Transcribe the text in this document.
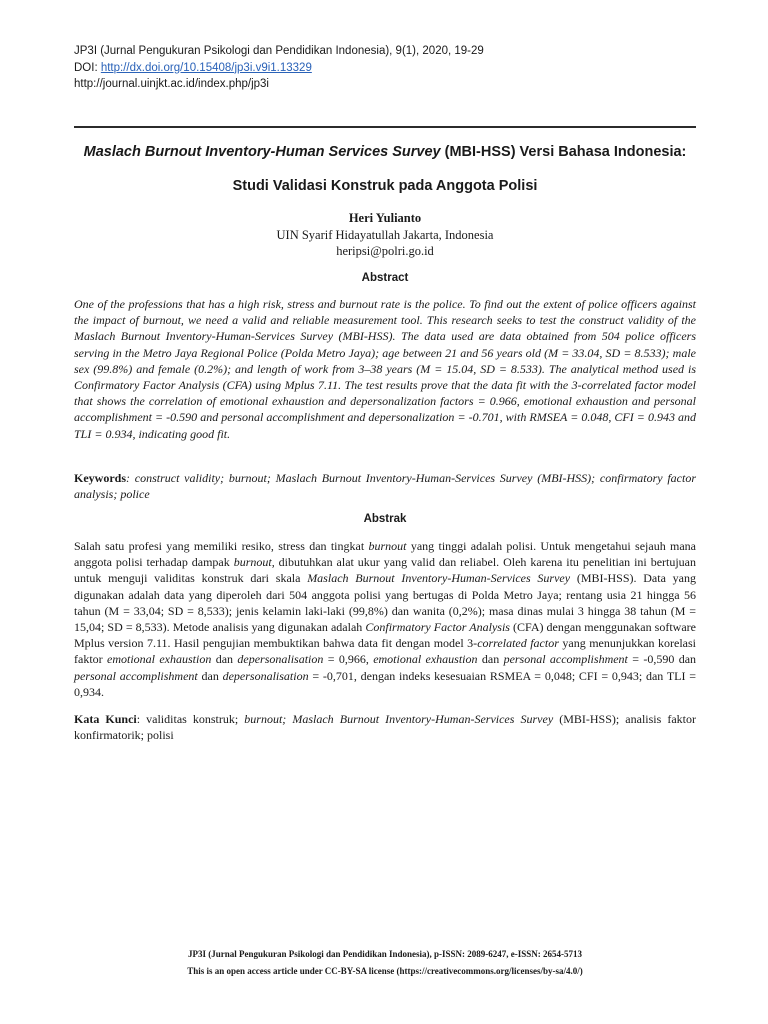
JP3I (Jurnal Pengukuran Psikologi dan Pendidikan Indonesia), 9(1), 2020, 19-29
DOI: http://dx.doi.org/10.15408/jp3i.v9i1.13329
http://journal.uinjkt.ac.id/index.php/jp3i
Maslach Burnout Inventory-Human Services Survey (MBI-HSS) Versi Bahasa Indonesia:
Studi Validasi Konstruk pada Anggota Polisi
Heri Yulianto
UIN Syarif Hidayatullah Jakarta, Indonesia
heripsi@polri.go.id
Abstract
One of the professions that has a high risk, stress and burnout rate is the police. To find out the extent of police officers against the impact of burnout, we need a valid and reliable measurement tool. This research seeks to test the construct validity of the Maslach Burnout Inventory-Human-Services Survey (MBI-HSS). The data used are data obtained from 504 police officers serving in the Metro Jaya Regional Police (Polda Metro Jaya); age between 21 and 56 years old (M = 33.04, SD = 8.533); male sex (99.8%) and female (0.2%); and length of work from 3–38 years (M = 15.04, SD = 8.533). The analytical method used is Confirmatory Factor Analysis (CFA) using Mplus 7.11. The test results prove that the data fit with the 3-correlated factor model that shows the correlation of emotional exhaustion and depersonalization factors = 0.966, emotional exhaustion and personal accomplishment = -0.590 and personal accomplishment and depersonalization = -0.701, with RMSEA = 0.048, CFI = 0.943 and TLI = 0.934, indicating good fit.
Keywords: construct validity; burnout; Maslach Burnout Inventory-Human-Services Survey (MBI-HSS); confirmatory factor analysis; police
Abstrak
Salah satu profesi yang memiliki resiko, stress dan tingkat burnout yang tinggi adalah polisi. Untuk mengetahui sejauh mana anggota polisi terhadap dampak burnout, dibutuhkan alat ukur yang valid dan reliabel. Oleh karena itu penelitian ini bertujuan untuk menguji validitas konstruk dari skala Maslach Burnout Inventory-Human-Services Survey (MBI-HSS). Data yang digunakan adalah data yang diperoleh dari 504 anggota polisi yang bertugas di Polda Metro Jaya; rentang usia 21 hingga 56 tahun (M = 33,04; SD = 8,533); jenis kelamin laki-laki (99,8%) dan wanita (0,2%); masa dinas mulai 3 hingga 38 tahun (M = 15,04; SD = 8,533). Metode analisis yang digunakan adalah Confirmatory Factor Analysis (CFA) dengan menggunakan software Mplus version 7.11. Hasil pengujian membuktikan bahwa data fit dengan model 3-correlated factor yang menunjukkan korelasi faktor emotional exhaustion dan depersonalisation = 0,966, emotional exhaustion dan personal accomplishment = -0,590 dan personal accomplishment dan depersonalisation = -0,701, dengan indeks kesesuaian RSMEA = 0,048; CFI = 0,943; dan TLI = 0,934.
Kata Kunci: validitas konstruk; burnout; Maslach Burnout Inventory-Human-Services Survey (MBI-HSS); analisis faktor konfirmatorik; polisi
JP3I (Jurnal Pengukuran Psikologi dan Pendidikan Indonesia), p-ISSN: 2089-6247, e-ISSN: 2654-5713
This is an open access article under CC-BY-SA license (https://creativecommons.org/licenses/by-sa/4.0/)
